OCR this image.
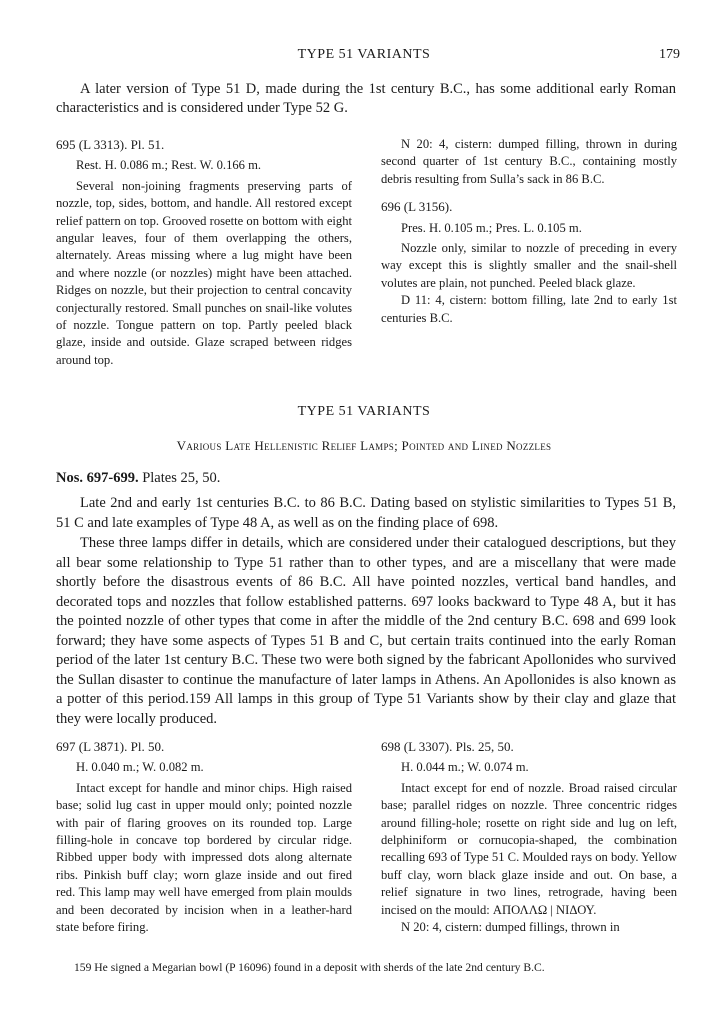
TYPE 51 VARIANTS	179

A later version of Type 51 D, made during the 1st century B.C., has some additional early Roman characteristics and is considered under Type 52 G.

695 (L 3313). Pl. 51.

Rest. H. 0.086 m.; Rest. W. 0.166 m.

Several non-joining fragments preserving parts of nozzle, top, sides, bottom, and handle. All restored except relief pattern on top. Grooved rosette on bottom with eight angular leaves, four of them overlapping the others, alternately. Areas missing where a lug might have been and where nozzle (or nozzles) might have been attached. Ridges on nozzle, but their projection to central concavity conjecturally restored. Small punches on snail-like volutes of nozzle. Tongue pattern on top. Partly peeled black glaze, inside and outside. Glaze scraped between ridges around top.

N 20: 4, cistern: dumped filling, thrown in during second quarter of 1st century B.C., containing mostly debris resulting from Sulla’s sack in 86 B.C.

696 (L 3156).

Pres. H. 0.105 m.; Pres. L. 0.105 m.

Nozzle only, similar to nozzle of preceding in every way except this is slightly smaller and the snail-shell volutes are plain, not punched. Peeled black glaze.

D 11: 4, cistern: bottom filling, late 2nd to early 1st centuries B.C.

TYPE 51 VARIANTS
Various Late Hellenistic Relief Lamps; Pointed and Lined Nozzles
Nos. 697-699. Plates 25, 50.

Late 2nd and early 1st centuries B.C. to 86 B.C. Dating based on stylistic similarities to Types 51 B, 51 C and late examples of Type 48 A, as well as on the finding place of 698.

These three lamps differ in details, which are considered under their catalogued descriptions, but they all bear some relationship to Type 51 rather than to other types, and are a miscellany that were made shortly before the disastrous events of 86 B.C. All have pointed nozzles, vertical band handles, and decorated tops and nozzles that follow established patterns. 697 looks backward to Type 48 A, but it has the pointed nozzle of other types that come in after the middle of the 2nd century B.C. 698 and 699 look forward; they have some aspects of Types 51 B and C, but certain traits continued into the early Roman period of the later 1st century B.C. These two were both signed by the fabricant Apollonides who survived the Sullan disaster to continue the manufacture of later lamps in Athens. An Apollonides is also known as a potter of this period.159 All lamps in this group of Type 51 Variants show by their clay and glaze that they were locally produced.

697 (L 3871). Pl. 50.

H. 0.040 m.; W. 0.082 m.

Intact except for handle and minor chips. High raised base; solid lug cast in upper mould only; pointed nozzle with pair of flaring grooves on its rounded top. Large filling-hole in concave top bordered by circular ridge. Ribbed upper body with impressed dots along alternate ribs. Pinkish buff clay; worn glaze inside and out fired red. This lamp may well have emerged from plain moulds and been decorated by incision when in a leather-hard state before firing.

698 (L 3307). Pls. 25, 50.

H. 0.044 m.; W. 0.074 m.

Intact except for end of nozzle. Broad raised circular base; parallel ridges on nozzle. Three concentric ridges around filling-hole; rosette on right side and lug on left, delphiniform or cornucopia-shaped, the combination recalling 693 of Type 51 C. Moulded rays on body. Yellow buff clay, worn black glaze inside and out. On base, a relief signature in two lines, retrograde, having been incised on the mould: ΑΠΟΛΛΩ | ΝΙΔΟΥ.

N 20: 4, cistern: dumped fillings, thrown in

159 He signed a Megarian bowl (P 16096) found in a deposit with sherds of the late 2nd century B.C.
